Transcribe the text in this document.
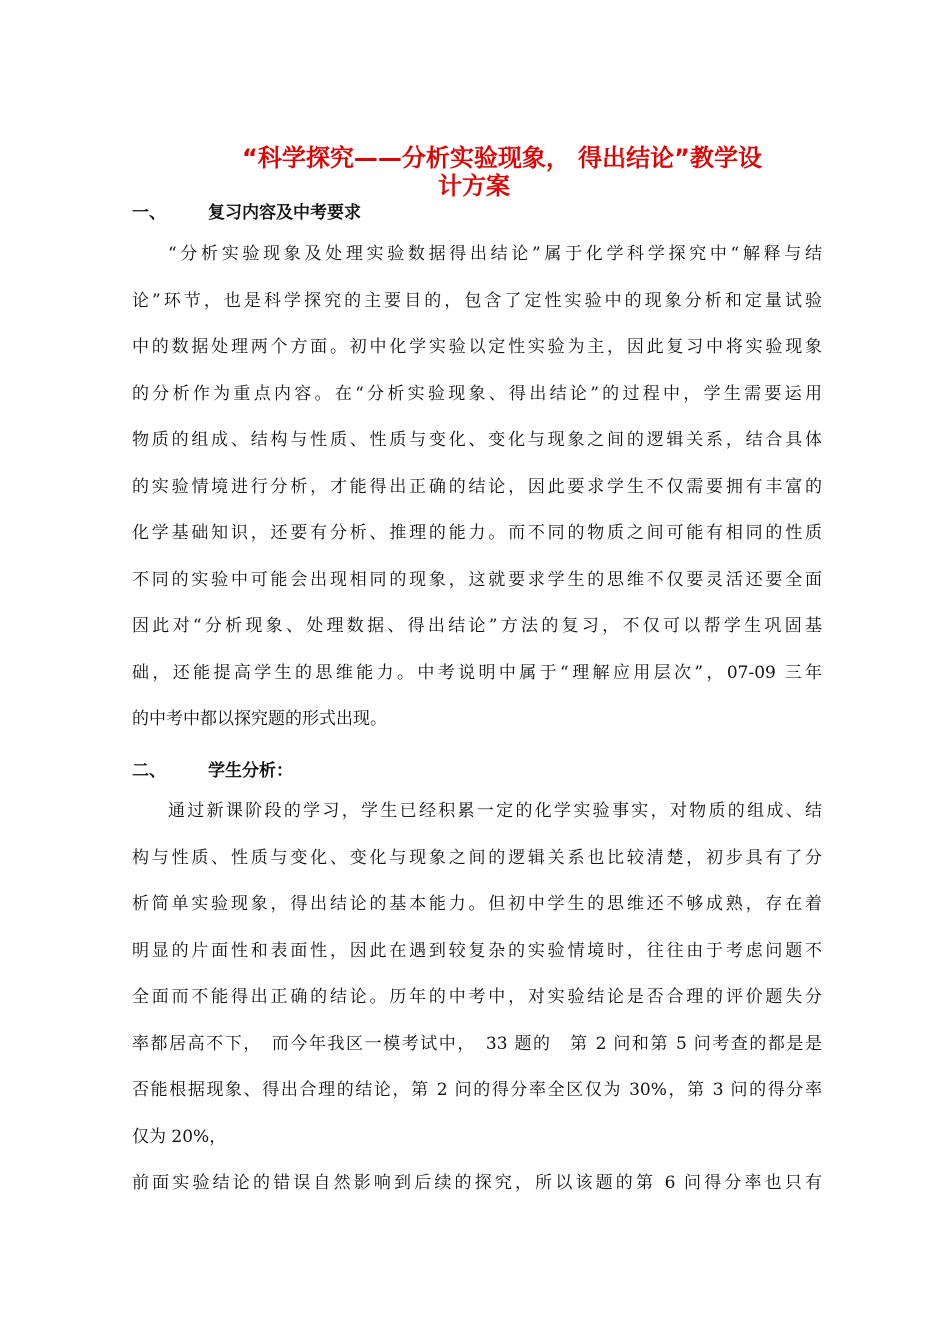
“科学探究——分析实验现象， 得出结论”教学设
计方案
一、 复习内容及中考要求
“分析实验现象及处理实验数据得出结论”属于化学科学探究中“解释与结
论”环节，也是科学探究的主要目的，包含了定性实验中的现象分析和定量试验
中的数据处理两个方面。初中化学实验以定性实验为主，因此复习中将实验现象
的分析作为重点内容。在“分析实验现象、得出结论”的过程中，学生需要运用
物质的组成、结构与性质、性质与变化、变化与现象之间的逻辑关系，结合具体
的实验情境进行分析，才能得出正确的结论，因此要求学生不仅需要拥有丰富的
化学基础知识，还要有分析、推理的能力。而不同的物质之间可能有相同的性质
不同的实验中可能会出现相同的现象，这就要求学生的思维不仅要灵活还要全面
因此对“分析现象、处理数据、得出结论”方法的复习，不仅可以帮学生巩固基
础，还能提高学生的思维能力。中考说明中属于“理解应用层次”，07-09 三年
的中考中都以探究题的形式出现。
二、 学生分析：
通过新课阶段的学习，学生已经积累一定的化学实验事实，对物质的组成、结
构与性质、性质与变化、变化与现象之间的逻辑关系也比较清楚，初步具有了分
析简单实验现象，得出结论的基本能力。但初中学生的思维还不够成熟，存在着
明显的片面性和表面性，因此在遇到较复杂的实验情境时，往往由于考虑问题不
全面而不能得出正确的结论。历年的中考中，对实验结论是否合理的评价题失分
率都居高不下，　而今年我区一模考试中，　33 题的　第 2 问和第 5 问考查的都是是
否能根据现象、得出合理的结论，第 2 问的得分率全区仅为 30%，第 3 问的得分率
仅为 20%，
前面实验结论的错误自然影响到后续的探究，所以该题的第 6 问得分率也只有
